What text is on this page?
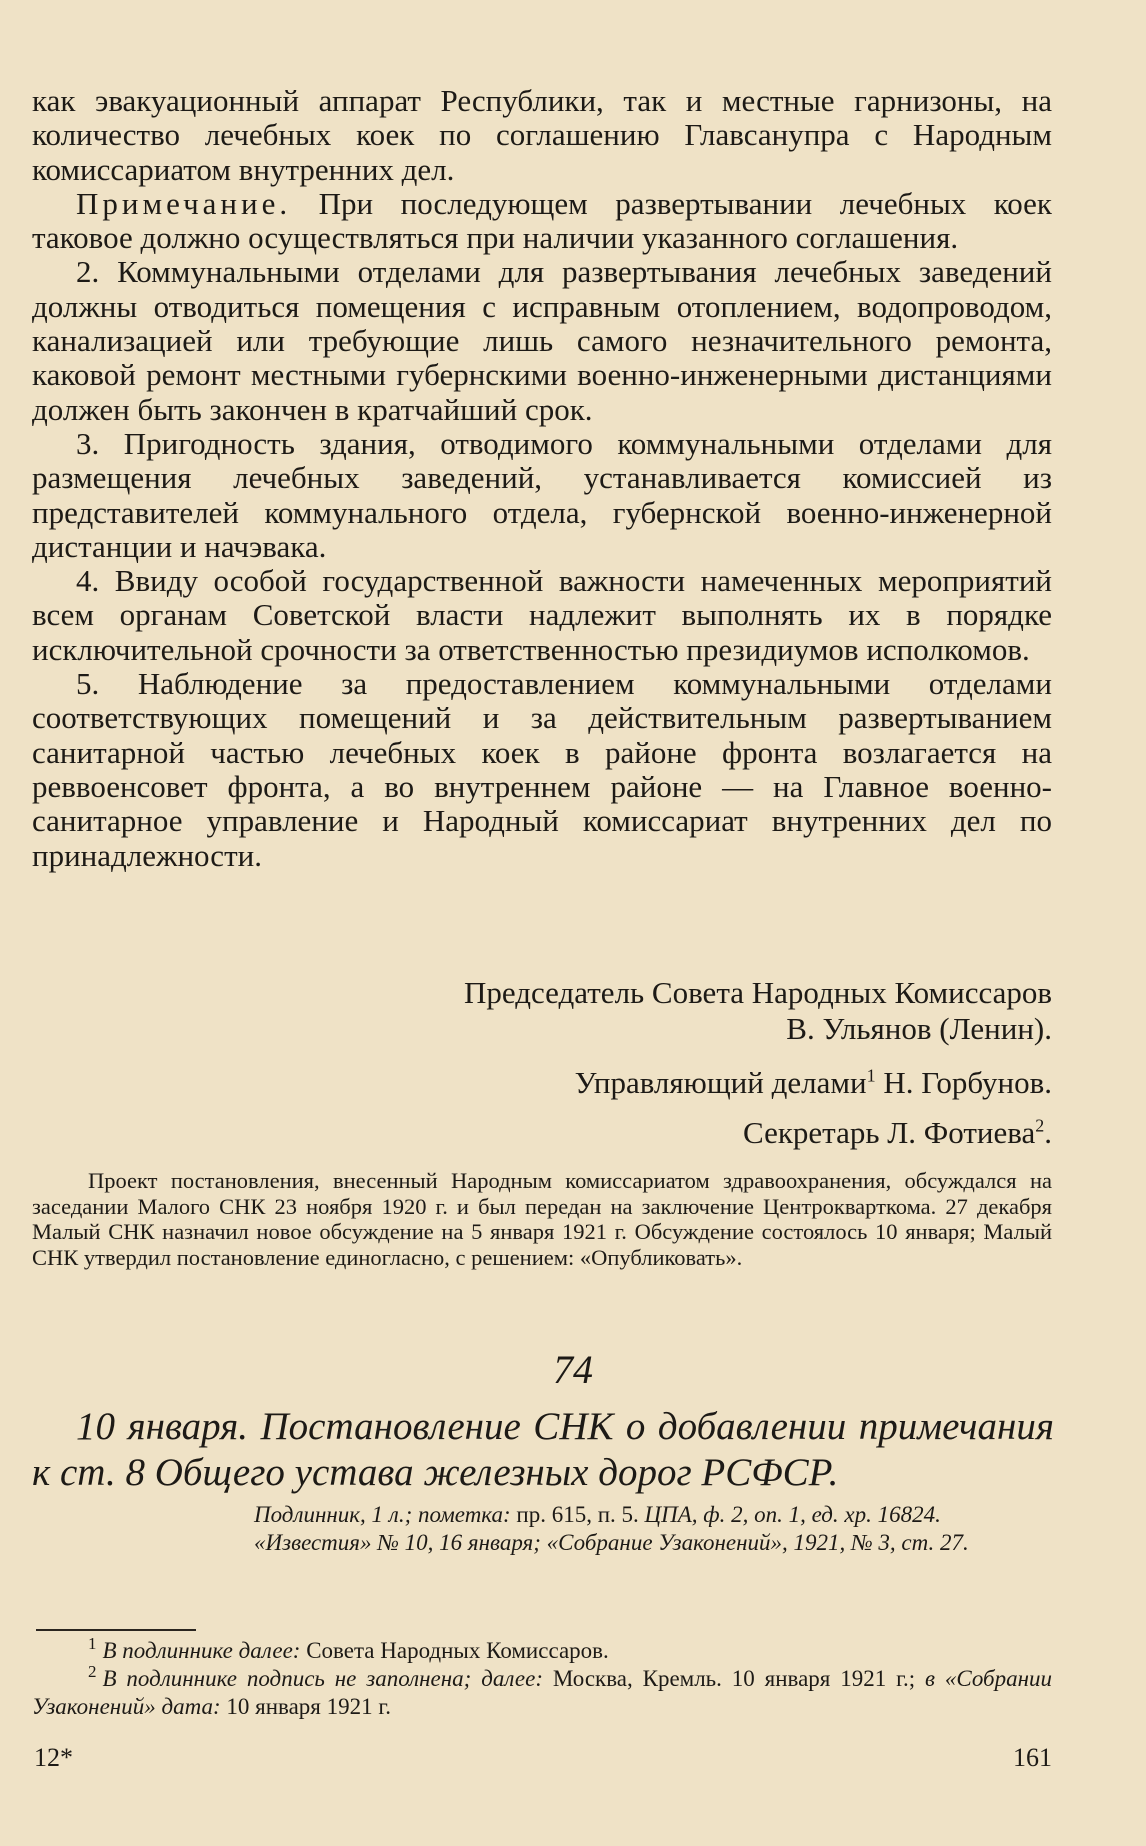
как эвакуационный аппарат Республики, так и местные гарнизоны, на количество лечебных коек по соглашению Главсанупра с Народным комиссариатом внутренних дел.

Примечание. При последующем развертывании лечебных коек таковое должно осуществляться при наличии указанного соглашения.

2. Коммунальными отделами для развертывания лечебных заведений должны отводиться помещения с исправным отоплением, водопроводом, канализацией или требующие лишь самого незначительного ремонта, каковой ремонт местными губернскими военно-инженерными дистанциями должен быть закончен в кратчайший срок.

3. Пригодность здания, отводимого коммунальными отделами для размещения лечебных заведений, устанавливается комиссией из представителей коммунального отдела, губернской военно-инженерной дистанции и начэвака.

4. Ввиду особой государственной важности намеченных мероприятий всем органам Советской власти надлежит выполнять их в порядке исключительной срочности за ответственностью президиумов исполкомов.

5. Наблюдение за предоставлением коммунальными отделами соответствующих помещений и за действительным развертыванием санитарной частью лечебных коек в районе фронта возлагается на реввоенсовет фронта, а во внутреннем районе — на Главное военно-санитарное управление и Народный комиссариат внутренних дел по принадлежности.

Председатель Совета Народных Комиссаров
В. Ульянов (Ленин).
Управляющий делами$^1$ Н. Горбунов.
Секретарь Л. Фотиева$^2$.
Проект постановления, внесенный Народным комиссариатом здравоохранения, обсуждался на заседании Малого СНК 23 ноября 1920 г. и был передан на заключение Центрокварткома. 27 декабря Малый СНК назначил новое обсуждение на 5 января 1921 г. Обсуждение состоялось 10 января; Малый СНК утвердил постановление единогласно, с решением: «Опубликовать».
74
10 января. Постановление СНК о добавлении примечания к ст. 8 Общего устава железных дорог РСФСР.

Подлинник, 1 л.; пометка: пр. 615, п. 5. ЦПА, ф. 2, оп. 1, ед. хр. 16824.

«Известия» № 10, 16 января; «Собрание Узаконений», 1921, № 3, ст. 27.

$^1$ В подлиннике далее: Совета Народных Комиссаров.

$^2$ В подлиннике подпись не заполнена; далее: Москва, Кремль. 10 января 1921 г.; в «Собрании Узаконений» дата: 10 января 1921 г.

12*	161
